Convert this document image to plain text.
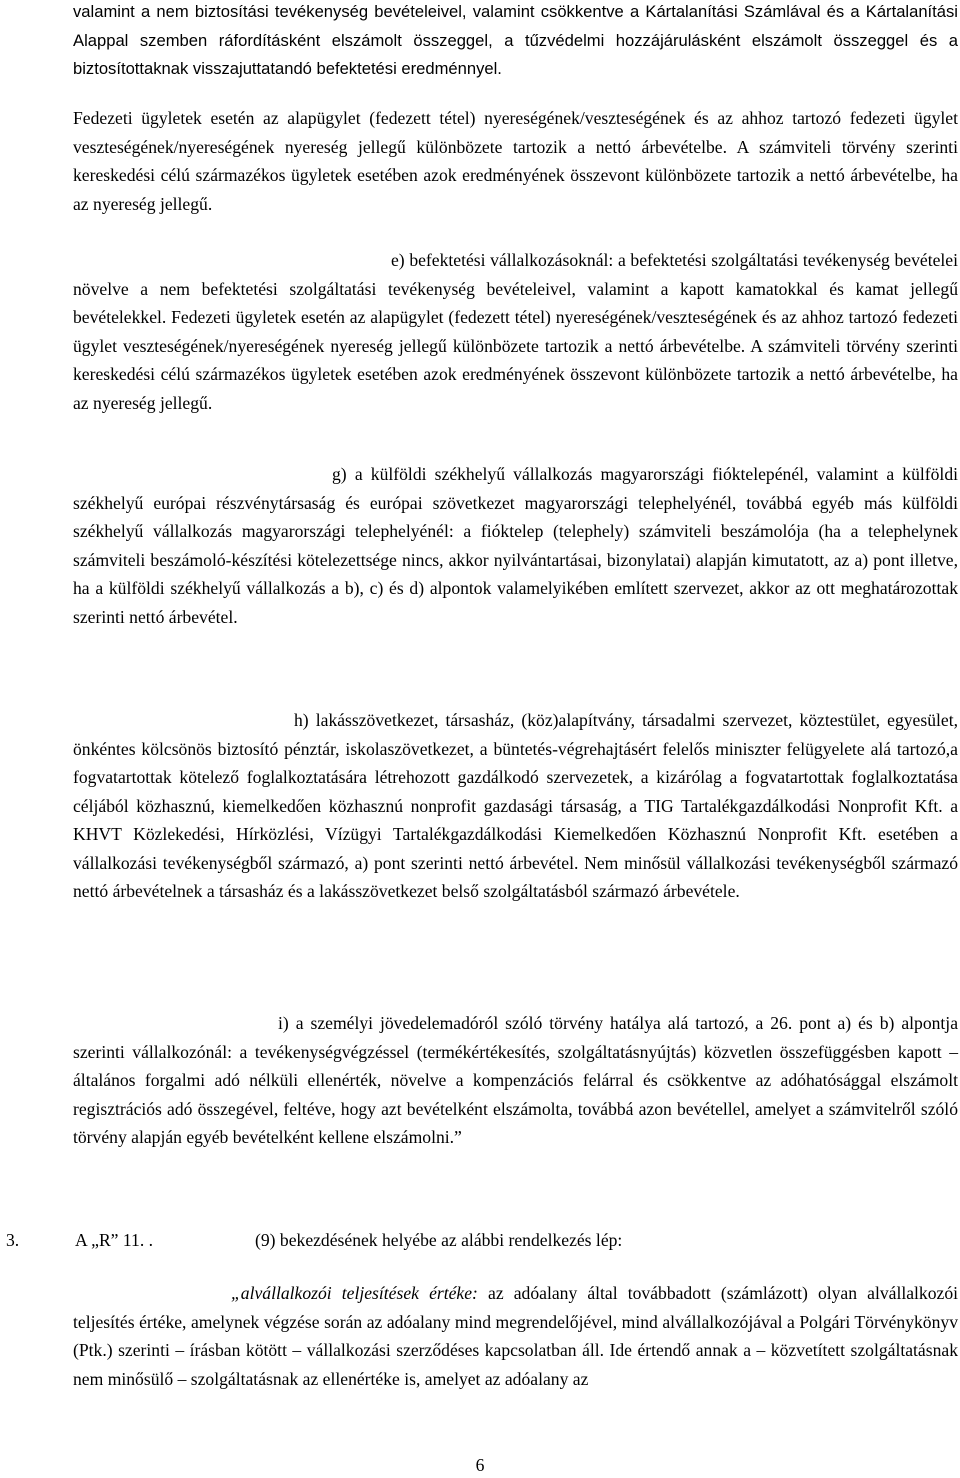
valamint a nem biztosítási tevékenység bevételeivel, valamint csökkentve a Kártalanítási Számlával és a Kártalanítási Alappal szemben ráfordításként elszámolt összeggel, a tűzvédelmi hozzájárulásként elszámolt összeggel és a biztosítottaknak visszajuttatandó befektetési eredménnyel.
Fedezeti ügyletek esetén az alapügylet (fedezett tétel) nyereségének/veszteségének és az ahhoz tartozó fedezeti ügylet veszteségének/nyereségének nyereség jellegű különbözete tartozik a nettó árbevételbe. A számviteli törvény szerinti kereskedési célú származékos ügyletek esetében azok eredményének összevont különbözete tartozik a nettó árbevételbe, ha az nyereség jellegű.
e) befektetési vállalkozásoknál: a befektetési szolgáltatási tevékenység bevételei növelve a nem befektetési szolgáltatási tevékenység bevételeivel, valamint a kapott kamatokkal és kamat jellegű bevételekkel. Fedezeti ügyletek esetén az alapügylet (fedezett tétel) nyereségének/veszteségének és az ahhoz tartozó fedezeti ügylet veszteségének/nyereségének nyereség jellegű különbözete tartozik a nettó árbevételbe. A számviteli törvény szerinti kereskedési célú származékos ügyletek esetében azok eredményének összevont különbözete tartozik a nettó árbevételbe, ha az nyereség jellegű.
g) a külföldi székhelyű vállalkozás magyarországi fióktelepénél, valamint a külföldi székhelyű európai részvénytársaság és európai szövetkezet magyarországi telephelyénél, továbbá egyéb más külföldi székhelyű vállalkozás magyarországi telephelyénél: a fióktelep (telephely) számviteli beszámolója (ha a telephelynek számviteli beszámoló-készítési kötelezettsége nincs, akkor nyilvántartásai, bizonylatai) alapján kimutatott, az a) pont illetve, ha a külföldi székhelyű vállalkozás a b), c) és d) alpontok valamelyikében említett szervezet, akkor az ott meghatározottak szerinti nettó árbevétel.
h) lakásszövetkezet, társasház, (köz)alapítvány, társadalmi szervezet, köztestület, egyesület, önkéntes kölcsönös biztosító pénztár, iskolaszövetkezet, a büntetés-végrehajtásért felelős miniszter felügyelete alá tartozó,a fogvatartottak kötelező foglalkoztatására létrehozott gazdálkodó szervezetek, a kizárólag a fogvatartottak foglalkoztatása céljából közhasznú, kiemelkedően közhasznú nonprofit gazdasági társaság, a TIG Tartalékgazdálkodási Nonprofit Kft. a KHVT Közlekedési, Hírközlési, Vízügyi Tartalékgazdálkodási Kiemelkedően Közhasznú Nonprofit Kft. esetében a vállalkozási tevékenységből származó, a) pont szerinti nettó árbevétel. Nem minősül vállalkozási tevékenységből származó nettó árbevételnek a társasház és a lakásszövetkezet belső szolgáltatásból származó árbevétele.
i) a személyi jövedelemadóról szóló törvény hatálya alá tartozó, a 26. pont a) és b) alpontja szerinti vállalkozónál: a tevékenységvégzéssel (termékértékesítés, szolgáltatásnyújtás) közvetlen összefüggésben kapott – általános forgalmi adó nélküli ellenérték, növelve a kompenzációs felárral és csökkentve az adóhatósággal elszámolt regisztrációs adó összegével, feltéve, hogy azt bevételként elszámolta, továbbá azon bevétellel, amelyet a számvitelről szóló törvény alapján egyéb bevételként kellene elszámolni.”
3.	A „R” 11. .	(9) bekezdésének helyébe az alábbi rendelkezés lép:
„alvállalkozói teljesítések értéke: az adóalany által továbbadott (számlázott) olyan alvállalkozói teljesítés értéke, amelynek végzése során az adóalany mind megrendelőjével, mind alvállalkozójával a Polgári Törvénykönyv (Ptk.) szerinti – írásban kötött – vállalkozási szerződéses kapcsolatban áll. Ide értendő annak a – közvetített szolgáltatásnak nem minősülő – szolgáltatásnak az ellenértéke is, amelyet az adóalany az
6
